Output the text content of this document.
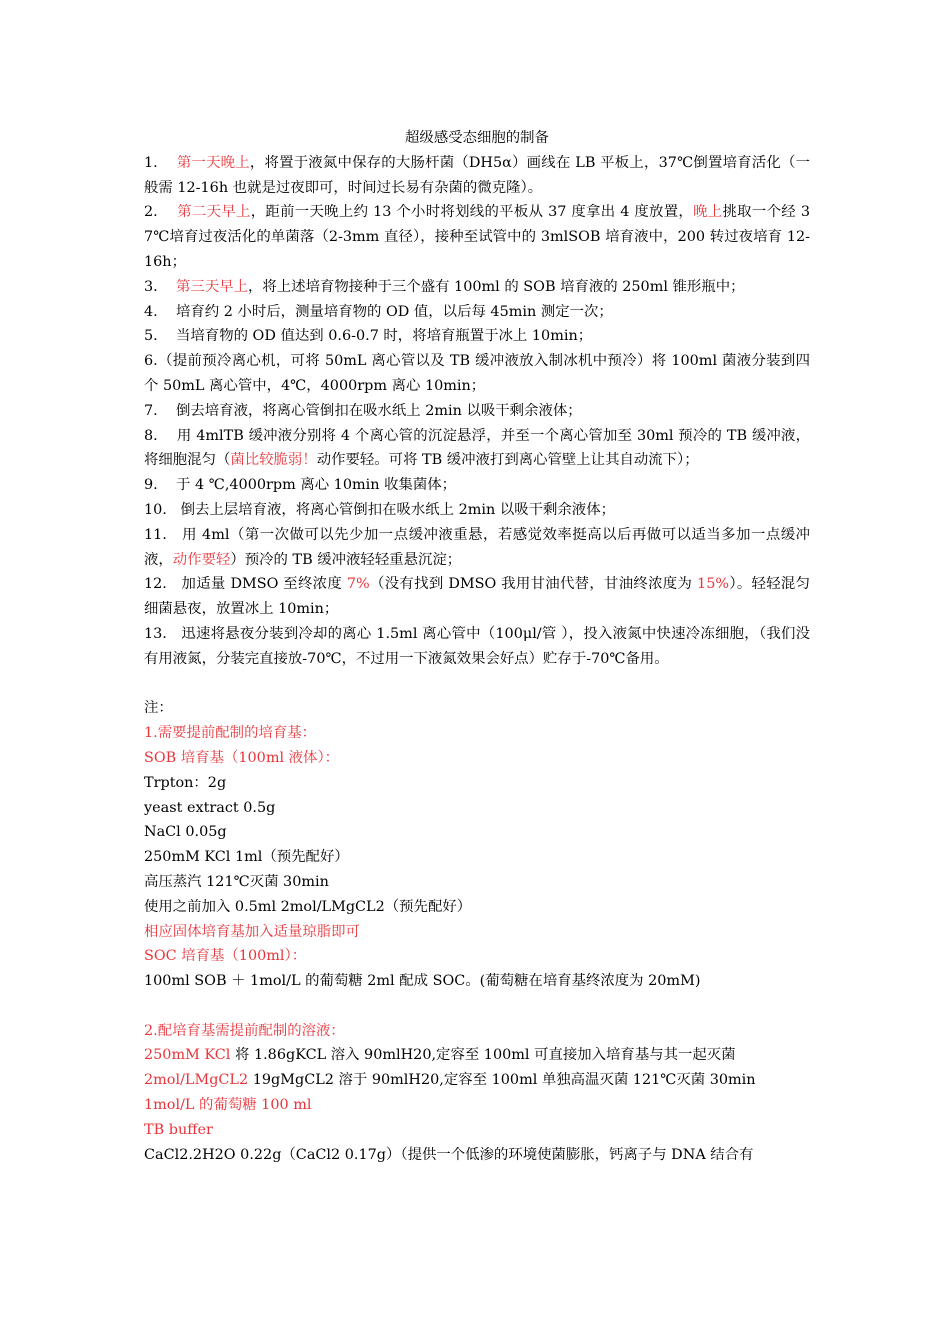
超级感受态细胞的制备

1.    第一天晚上，将置于液氮中保存的大肠杆菌（DH5α）画线在 LB 平板上，37℃倒置培育活化（一般需 12-16h 也就是过夜即可，时间过长易有杂菌的微克隆）。

2.    第二天早上，距前一天晚上约 13 个小时将划线的平板从 37 度拿出 4 度放置，晚上挑取一个经 37℃培育过夜活化的单菌落（2-3mm 直径），接种至试管中的 3mlSOB 培育液中，200 转过夜培育 12-16h；

3.    第三天早上，将上述培育物接种于三个盛有 100ml 的 SOB 培育液的 250ml 锥形瓶中；

4.    培育约 2 小时后，测量培育物的 OD 值，以后每 45min 测定一次；

5.    当培育物的 OD 值达到 0.6-0.7 时，将培育瓶置于冰上 10min；

6.（提前预冷离心机，可将 50mL 离心管以及 TB 缓冲液放入制冰机中预冷）将 100ml 菌液分装到四个 50mL 离心管中，4℃，4000rpm 离心 10min；

7.    倒去培育液，将离心管倒扣在吸水纸上 2min 以吸干剩余液体；

8.    用 4mlTB 缓冲液分别将 4 个离心管的沉淀悬浮，并至一个离心管加至 30ml 预冷的 TB 缓冲液，将细胞混匀（菌比较脆弱！动作要轻。可将 TB 缓冲液打到离心管壁上让其自动流下）；

9.    于 4 ℃,4000rpm 离心 10min 收集菌体；

10.   倒去上层培育液，将离心管倒扣在吸水纸上 2min 以吸干剩余液体；

11.   用 4ml（第一次做可以先少加一点缓冲液重悬，若感觉效率挺高以后再做可以适当多加一点缓冲液，动作要轻）预冷的 TB 缓冲液轻轻重悬沉淀；

12.   加适量 DMSO 至终浓度 7%（没有找到 DMSO 我用甘油代替，甘油终浓度为 15%）。轻轻混匀细菌悬夜，放置冰上 10min；

13.   迅速将悬夜分装到冷却的离心 1.5ml 离心管中（100μl/管 ），投入液氮中快速冷冻细胞，（我们没有用液氮，分装完直接放-70℃，不过用一下液氮效果会好点）贮存于-70℃备用。

注：

1.需要提前配制的培育基：

SOB 培育基（100ml 液体）：

Trpton：2g

yeast extract 0.5g

NaCl 0.05g

250mM KCl 1ml（预先配好）

高压蒸汽 121℃灭菌 30min

使用之前加入 0.5ml 2mol/LMgCL2（预先配好）

相应固体培育基加入适量琼脂即可

SOC 培育基（100ml）：

100ml SOB ＋ 1mol/L 的葡萄糖 2ml 配成 SOC。(葡萄糖在培育基终浓度为 20mM)

2.配培育基需提前配制的溶液：

250mM KCl 将 1.86gKCL 溶入 90mlH20,定容至 100ml 可直接加入培育基与其一起灭菌

2mol/LMgCL2 19gMgCL2 溶于 90mlH20,定容至 100ml 单独高温灭菌 121℃灭菌 30min

1mol/L 的葡萄糖 100 ml

TB buffer

CaCl2.2H2O 0.22g（CaCl2 0.17g）（提供一个低渗的环境使菌膨胀，钙离子与 DNA 结合有
